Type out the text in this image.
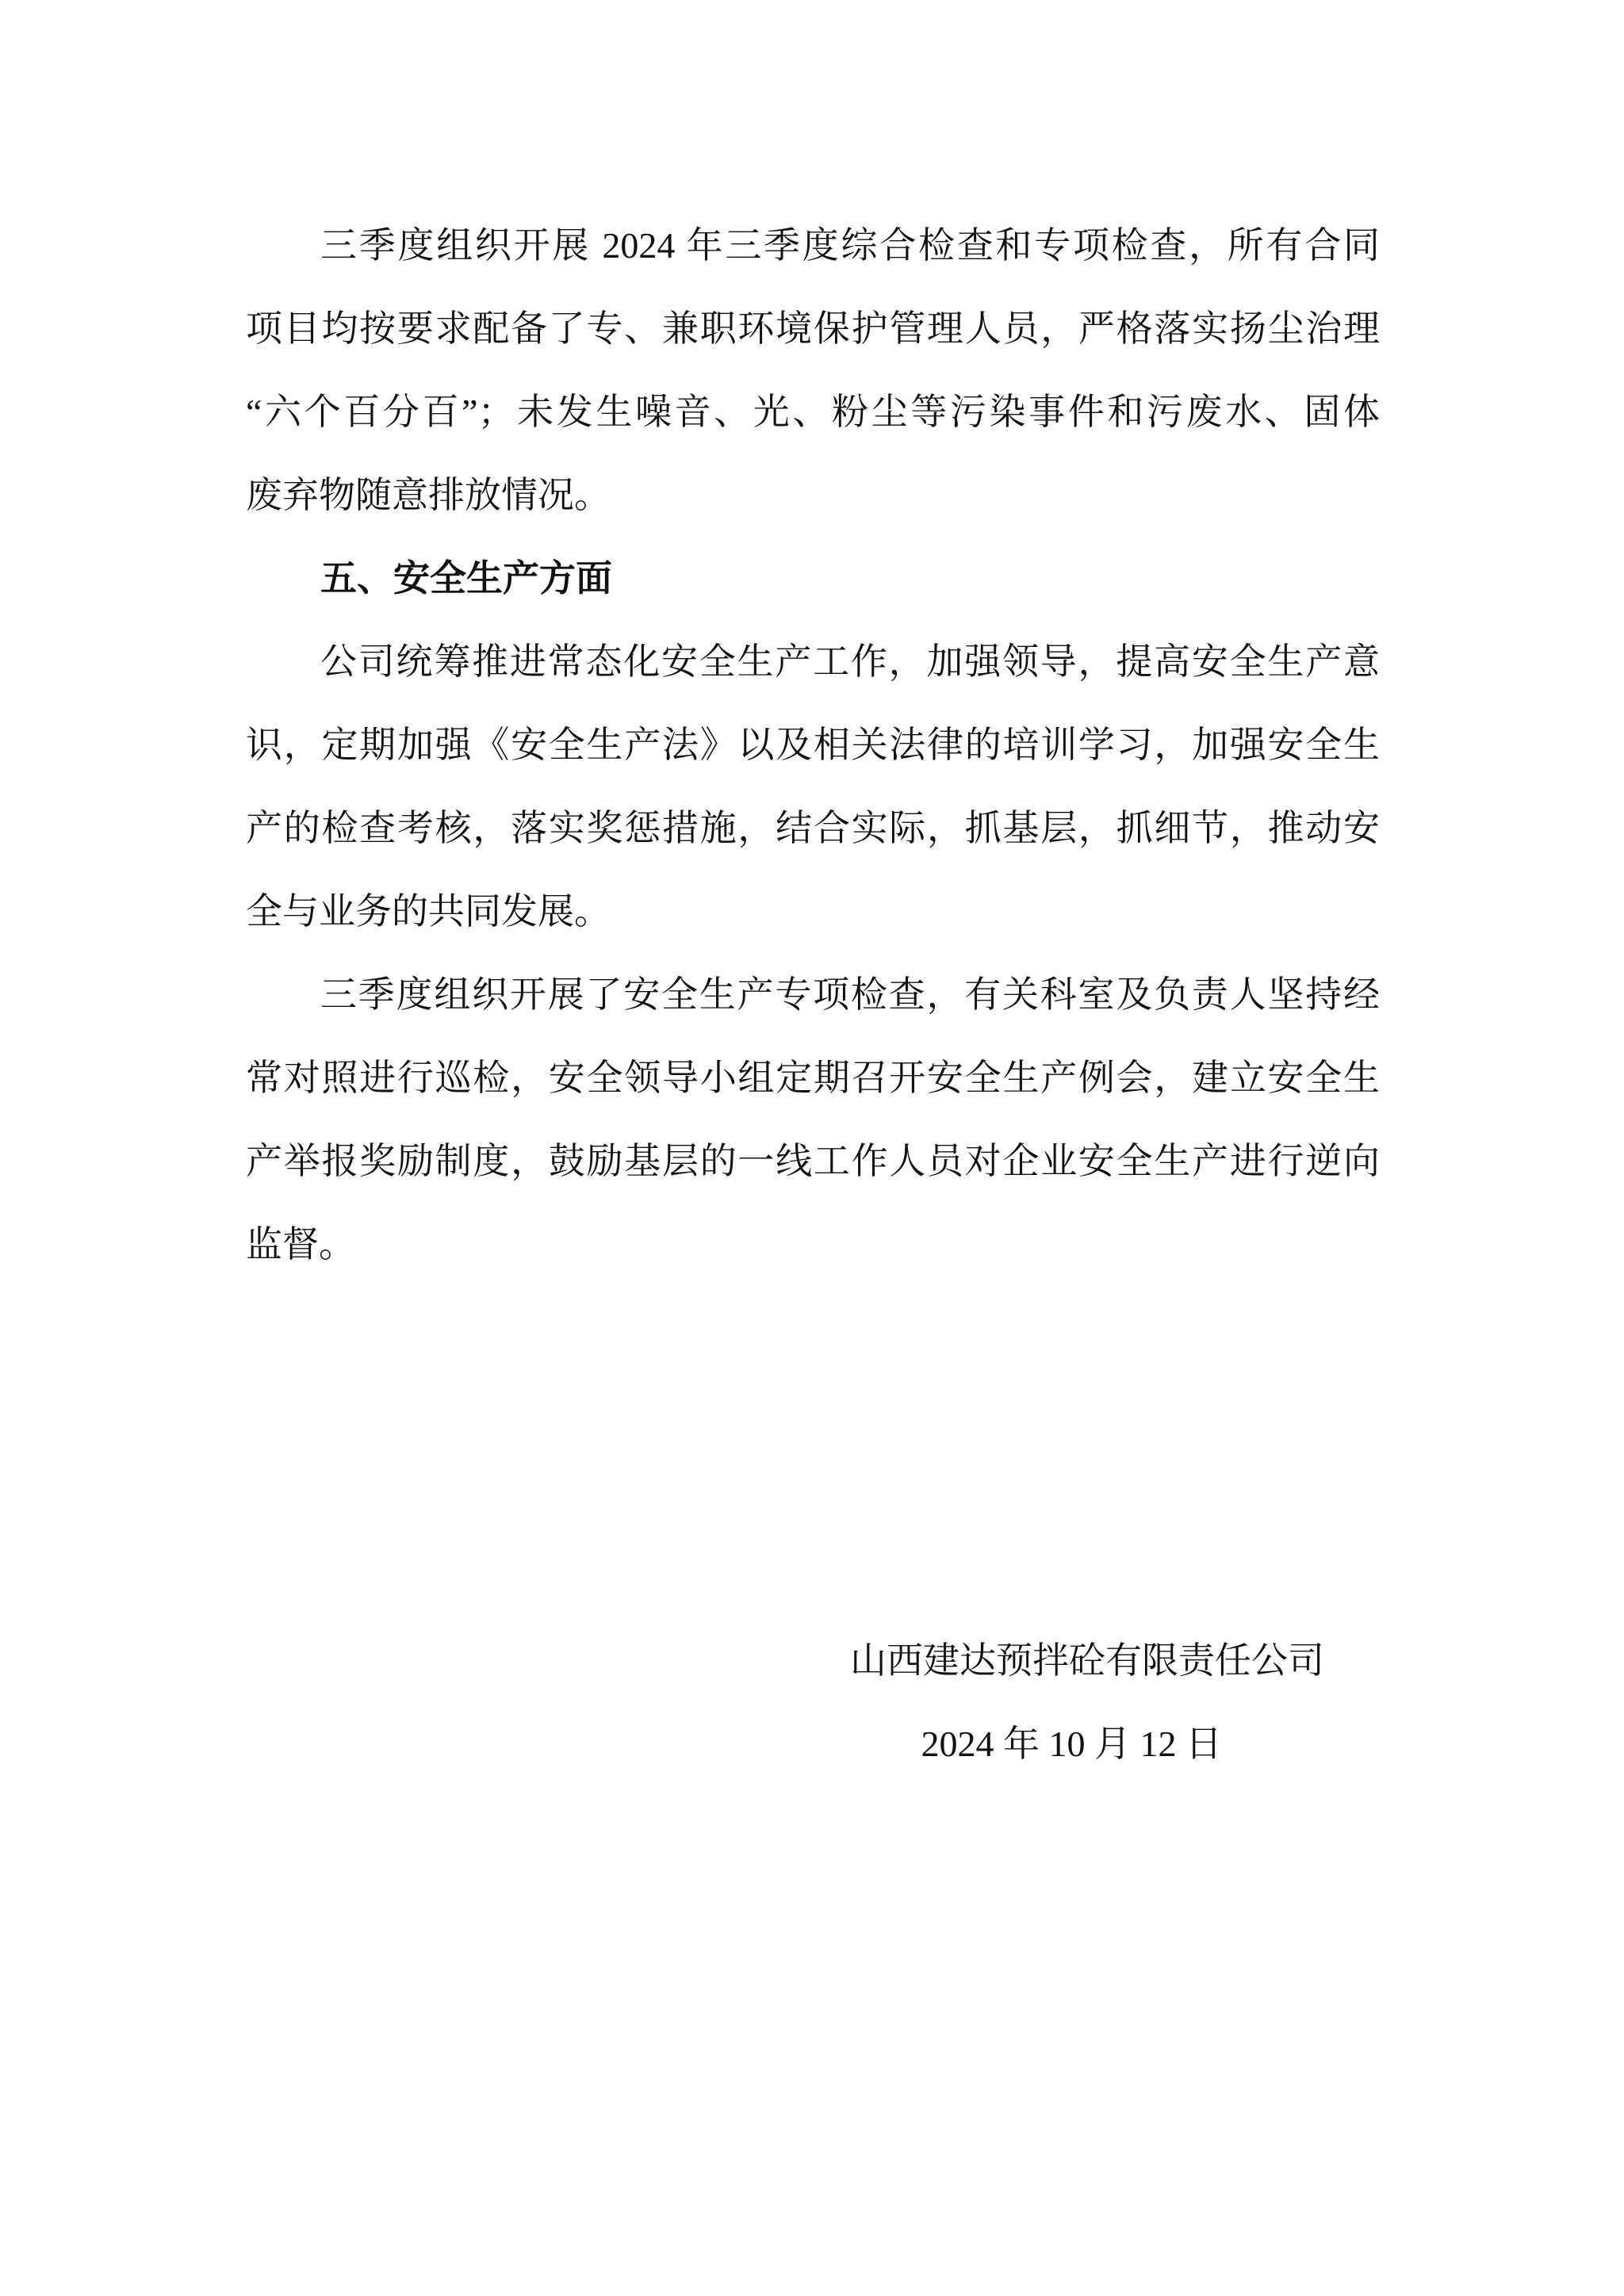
三季度组织开展 2024 年三季度综合检查和专项检查，所有合同
项目均按要求配备了专、兼职环境保护管理人员，严格落实扬尘治理
“六个百分百”；未发生噪音、光、粉尘等污染事件和污废水、固体
废弃物随意排放情况。
五、安全生产方面
公司统筹推进常态化安全生产工作，加强领导，提高安全生产意
识，定期加强《安全生产法》以及相关法律的培训学习，加强安全生
产的检查考核，落实奖惩措施，结合实际，抓基层，抓细节，推动安
全与业务的共同发展。
三季度组织开展了安全生产专项检查，有关科室及负责人坚持经
常对照进行巡检，安全领导小组定期召开安全生产例会，建立安全生
产举报奖励制度，鼓励基层的一线工作人员对企业安全生产进行逆向
监督。
山西建达预拌砼有限责任公司
2024 年 10 月 12 日
